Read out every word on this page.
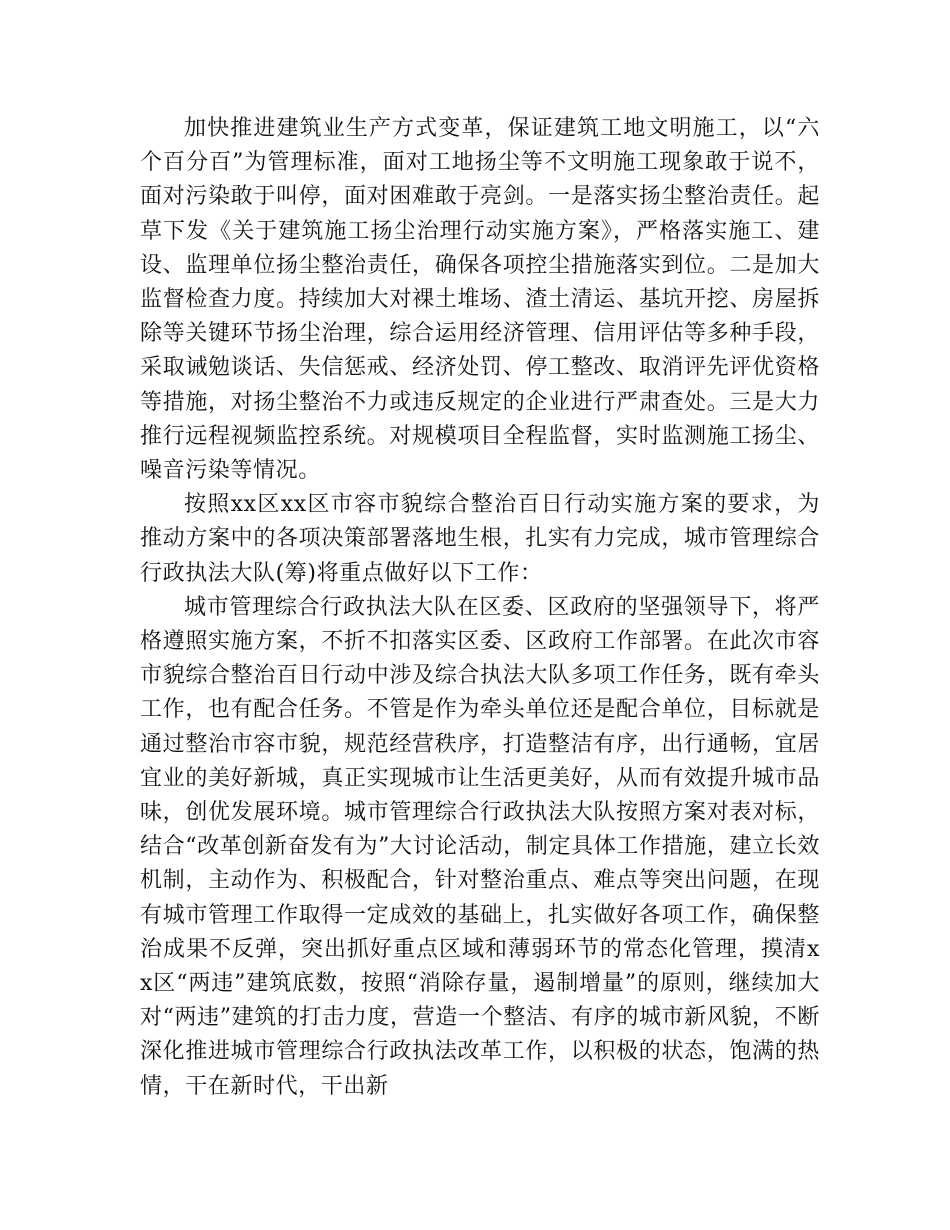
加快推进建筑业生产方式变革，保证建筑工地文明施工，以“六个百分百”为管理标准，面对工地扬尘等不文明施工现象敢于说不，面对污染敢于叫停，面对困难敢于亮剑。一是落实扬尘整治责任。起草下发《关于建筑施工扬尘治理行动实施方案》，严格落实施工、建设、监理单位扬尘整治责任，确保各项控尘措施落实到位。二是加大监督检查力度。持续加大对裸土堆场、渣土清运、基坑开挖、房屋拆除等关键环节扬尘治理，综合运用经济管理、信用评估等多种手段，采取诫勉谈话、失信惩戒、经济处罚、停工整改、取消评先评优资格等措施，对扬尘整治不力或违反规定的企业进行严肃查处。三是大力推行远程视频监控系统。对规模项目全程监督，实时监测施工扬尘、噪音污染等情况。

按照xx区xx区市容市貌综合整治百日行动实施方案的要求，为推动方案中的各项决策部署落地生根，扎实有力完成，城市管理综合行政执法大队(筹)将重点做好以下工作：

城市管理综合行政执法大队在区委、区政府的坚强领导下，将严格遵照实施方案，不折不扣落实区委、区政府工作部署。在此次市容市貌综合整治百日行动中涉及综合执法大队多项工作任务，既有牵头工作，也有配合任务。不管是作为牵头单位还是配合单位，目标就是通过整治市容市貌，规范经营秩序，打造整洁有序，出行通畅，宜居宜业的美好新城，真正实现城市让生活更美好，从而有效提升城市品味，创优发展环境。城市管理综合行政执法大队按照方案对表对标，结合“改革创新奋发有为”大讨论活动，制定具体工作措施，建立长效机制，主动作为、积极配合，针对整治重点、难点等突出问题，在现有城市管理工作取得一定成效的基础上，扎实做好各项工作，确保整治成果不反弹，突出抓好重点区域和薄弱环节的常态化管理，摸清xx区“两违”建筑底数，按照“消除存量，遏制增量”的原则，继续加大对“两违”建筑的打击力度，营造一个整洁、有序的城市新风貌，不断深化推进城市管理综合行政执法改革工作，以积极的状态，饱满的热情，干在新时代，干出新
